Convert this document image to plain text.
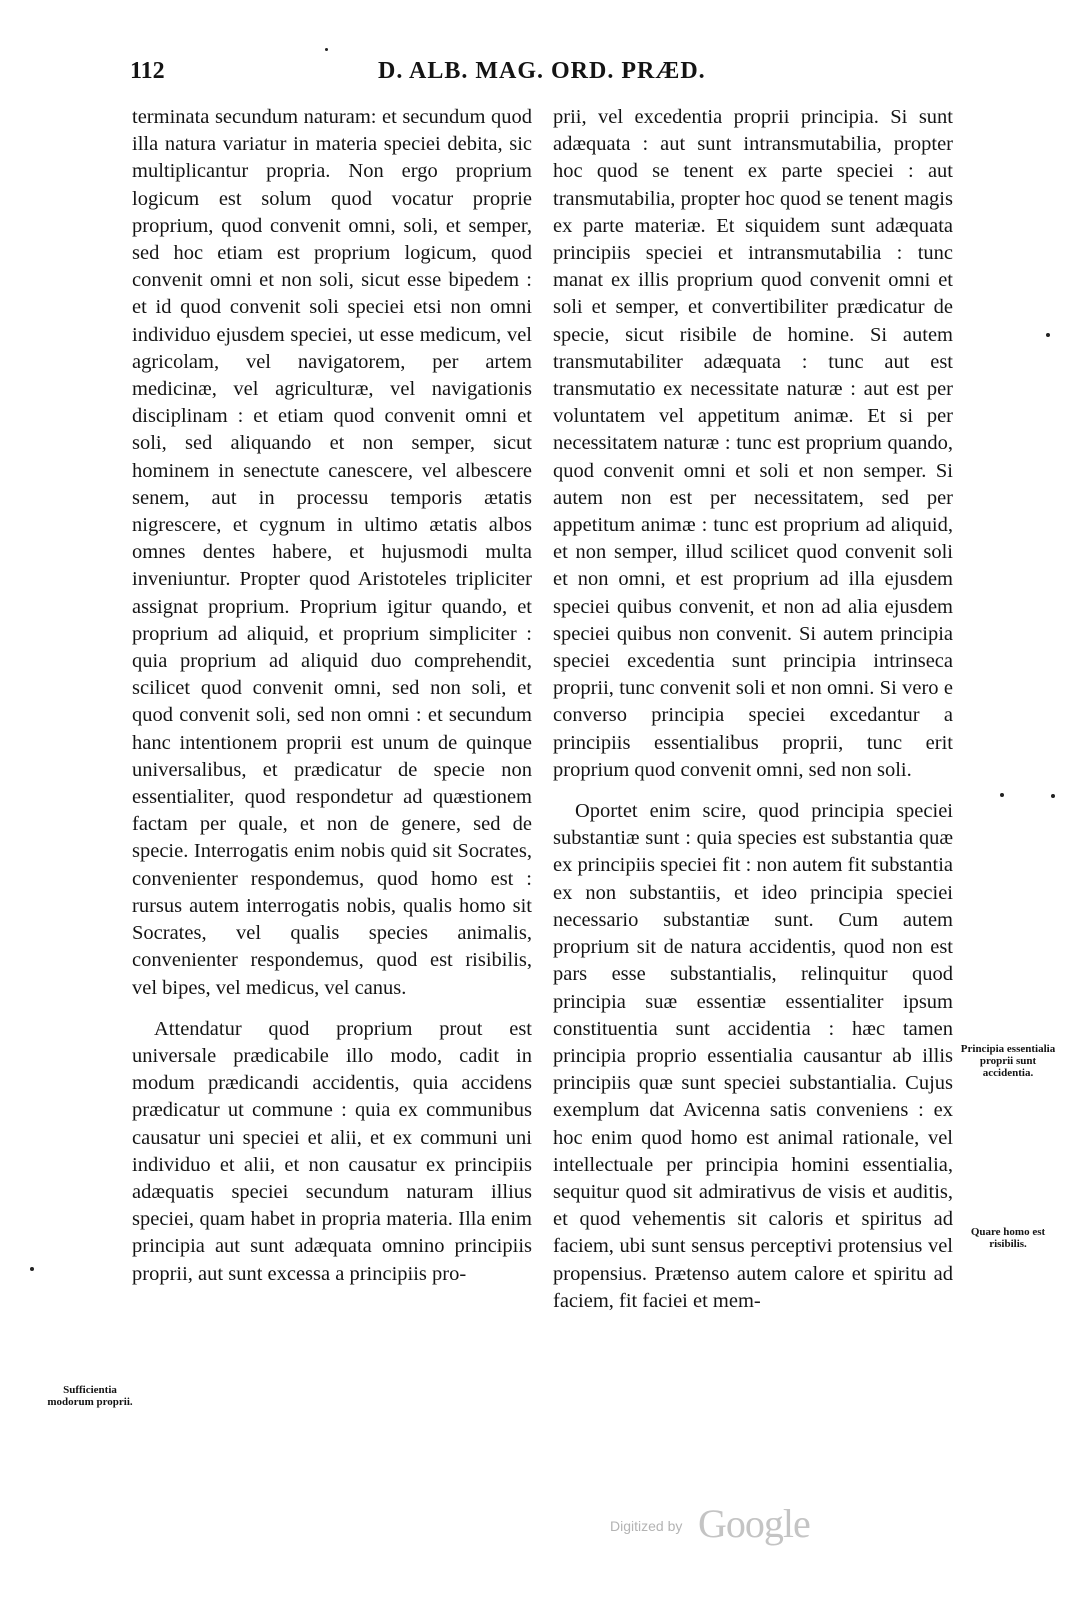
112	D. ALB. MAG. ORD. PRÆD.

terminata secundum naturam: et secundum quod illa natura variatur in materia speciei debita, sic multiplicantur propria. Non ergo proprium logicum est solum quod vocatur proprie proprium, quod convenit omni, soli, et semper, sed hoc etiam est proprium logicum, quod convenit omni et non soli, sicut esse bipedem : et id quod convenit soli speciei etsi non omni individuo ejusdem speciei, ut esse medicum, vel agricolam, vel navigatorem, per artem medicinæ, vel agriculturæ, vel navigationis disciplinam : et etiam quod convenit omni et soli, sed aliquando et non semper, sicut hominem in senectute canescere, vel albescere senem, aut in processu temporis ætatis nigrescere, et cygnum in ultimo ætatis albos omnes dentes habere, et hujusmodi multa inveniuntur. Propter quod Aristoteles tripliciter assignat proprium. Proprium igitur quando, et proprium ad aliquid, et proprium simpliciter : quia proprium ad aliquid duo comprehendit, scilicet quod convenit omni, sed non soli, et quod convenit soli, sed non omni : et secundum hanc intentionem proprii est unum de quinque universalibus, et prædicatur de specie non essentialiter, quod respondetur ad quæstionem factam per quale, et non de genere, sed de specie. Interrogatis enim nobis quid sit Socrates, convenienter respondemus, quod homo est : rursus autem interrogatis nobis, qualis homo sit Socrates, vel qualis species animalis, convenienter respondemus, quod est risibilis, vel bipes, vel medicus, vel canus.

Attendatur quod proprium prout est universale prædicabile illo modo, cadit in modum prædicandi accidentis, quia accidens prædicatur ut commune : quia ex communibus causatur uni speciei et alii, et ex communi uni individuo et alii, et non causatur ex principiis adæquatis speciei secundum naturam illius speciei, quam habet in propria materia. Illa enim principia aut sunt adæquata omnino principiis proprii, aut sunt excessa a principiis pro-

prii, vel excedentia proprii principia. Si sunt adæquata : aut sunt intransmutabilia, propter hoc quod se tenent ex parte speciei : aut transmutabilia, propter hoc quod se tenent magis ex parte materiæ. Et siquidem sunt adæquata principiis speciei et intransmutabilia : tunc manat ex illis proprium quod convenit omni et soli et semper, et convertibiliter prædicatur de specie, sicut risibile de homine. Si autem transmutabiliter adæquata : tunc aut est transmutatio ex necessitate naturæ : aut est per voluntatem vel appetitum animæ. Et si per necessitatem naturæ : tunc est proprium quando, quod convenit omni et soli et non semper. Si autem non est per necessitatem, sed per appetitum animæ : tunc est proprium ad aliquid, et non semper, illud scilicet quod convenit soli et non omni, et est proprium ad illa ejusdem speciei quibus convenit, et non ad alia ejusdem speciei quibus non convenit. Si autem principia speciei excedentia sunt principia intrinseca proprii, tunc convenit soli et non omni. Si vero e converso principia speciei excedantur a principiis essentialibus proprii, tunc erit proprium quod convenit omni, sed non soli.

Oportet enim scire, quod principia speciei substantiæ sunt : quia species est substantia quæ ex principiis speciei fit : non autem fit substantia ex non substantiis, et ideo principia speciei necessario substantiæ sunt. Cum autem proprium sit de natura accidentis, quod non est pars esse substantialis, relinquitur quod principia suæ essentiæ essentialiter ipsum constituentia sunt accidentia : hæc tamen principia proprio essentialia causantur ab illis principiis quæ sunt speciei substantialia. Cujus exemplum dat Avicenna satis conveniens : ex hoc enim quod homo est animal rationale, vel intellectuale per principia homini essentialia, sequitur quod sit admirativus de visis et auditis, et quod vehementis sit caloris et spiritus ad faciem, ubi sunt sensus perceptivi protensius vel propensius. Prætenso autem calore et spiritu ad faciem, fit faciei et mem-

Sufficientia modorum proprii.
Principia essentialia proprii sunt accidentia.
Quare homo est risibilis.
Digitized by Google
